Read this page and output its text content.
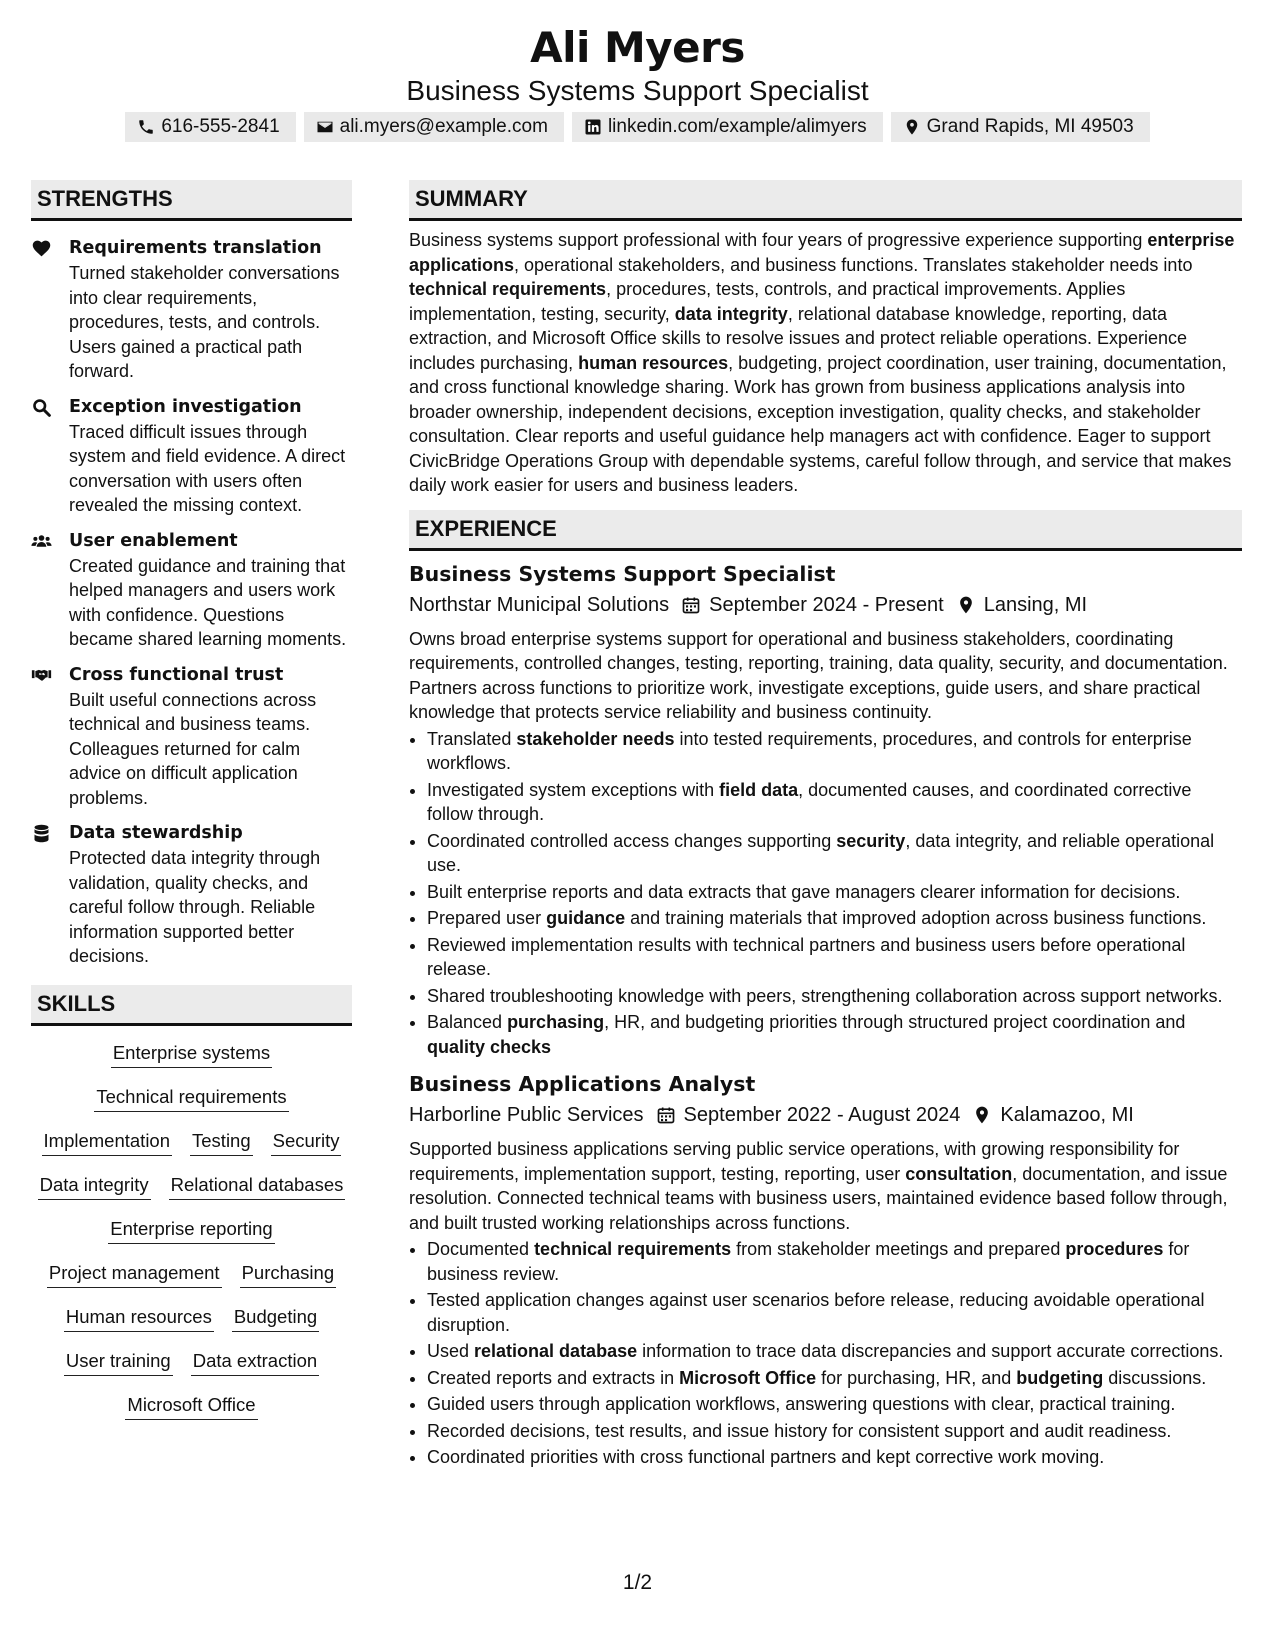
Ali Myers
Business Systems Support Specialist
616-555-2841	ali.myers@example.com	linkedin.com/example/alimyers	Grand Rapids, MI 49503
STRENGTHS
Requirements translation
Turned stakeholder conversations into clear requirements, procedures, tests, and controls. Users gained a practical path forward.
Exception investigation
Traced difficult issues through system and field evidence. A direct conversation with users often revealed the missing context.
User enablement
Created guidance and training that helped managers and users work with confidence. Questions became shared learning moments.
Cross functional trust
Built useful connections across technical and business teams. Colleagues returned for calm advice on difficult application problems.
Data stewardship
Protected data integrity through validation, quality checks, and careful follow through. Reliable information supported better decisions.
SKILLS
Enterprise systems
Technical requirements
Implementation Testing Security
Data integrity Relational databases
Enterprise reporting
Project management Purchasing
Human resources Budgeting
User training Data extraction
Microsoft Office
SUMMARY
Business systems support professional with four years of progressive experience supporting enterprise applications, operational stakeholders, and business functions. Translates stakeholder needs into technical requirements, procedures, tests, controls, and practical improvements. Applies implementation, testing, security, data integrity, relational database knowledge, reporting, data extraction, and Microsoft Office skills to resolve issues and protect reliable operations. Experience includes purchasing, human resources, budgeting, project coordination, user training, documentation, and cross functional knowledge sharing. Work has grown from business applications analysis into broader ownership, independent decisions, exception investigation, quality checks, and stakeholder consultation. Clear reports and useful guidance help managers act with confidence. Eager to support CivicBridge Operations Group with dependable systems, careful follow through, and service that makes daily work easier for users and business leaders.
EXPERIENCE
Business Systems Support Specialist
Northstar Municipal Solutions September 2024 - Present Lansing, MI
Owns broad enterprise systems support for operational and business stakeholders, coordinating requirements, controlled changes, testing, reporting, training, data quality, security, and documentation. Partners across functions to prioritize work, investigate exceptions, guide users, and share practical knowledge that protects service reliability and business continuity.
• Translated stakeholder needs into tested requirements, procedures, and controls for enterprise workflows.
• Investigated system exceptions with field data, documented causes, and coordinated corrective follow through.
• Coordinated controlled access changes supporting security, data integrity, and reliable operational use.
• Built enterprise reports and data extracts that gave managers clearer information for decisions.
• Prepared user guidance and training materials that improved adoption across business functions.
• Reviewed implementation results with technical partners and business users before operational release.
• Shared troubleshooting knowledge with peers, strengthening collaboration across support networks.
• Balanced purchasing, HR, and budgeting priorities through structured project coordination and quality checks
Business Applications Analyst
Harborline Public Services September 2022 - August 2024 Kalamazoo, MI
Supported business applications serving public service operations, with growing responsibility for requirements, implementation support, testing, reporting, user consultation, documentation, and issue resolution. Connected technical teams with business users, maintained evidence based follow through, and built trusted working relationships across functions.
• Documented technical requirements from stakeholder meetings and prepared procedures for business review.
• Tested application changes against user scenarios before release, reducing avoidable operational disruption.
• Used relational database information to trace data discrepancies and support accurate corrections.
• Created reports and extracts in Microsoft Office for purchasing, HR, and budgeting discussions.
• Guided users through application workflows, answering questions with clear, practical training.
• Recorded decisions, test results, and issue history for consistent support and audit readiness.
• Coordinated priorities with cross functional partners and kept corrective work moving.
1/2
